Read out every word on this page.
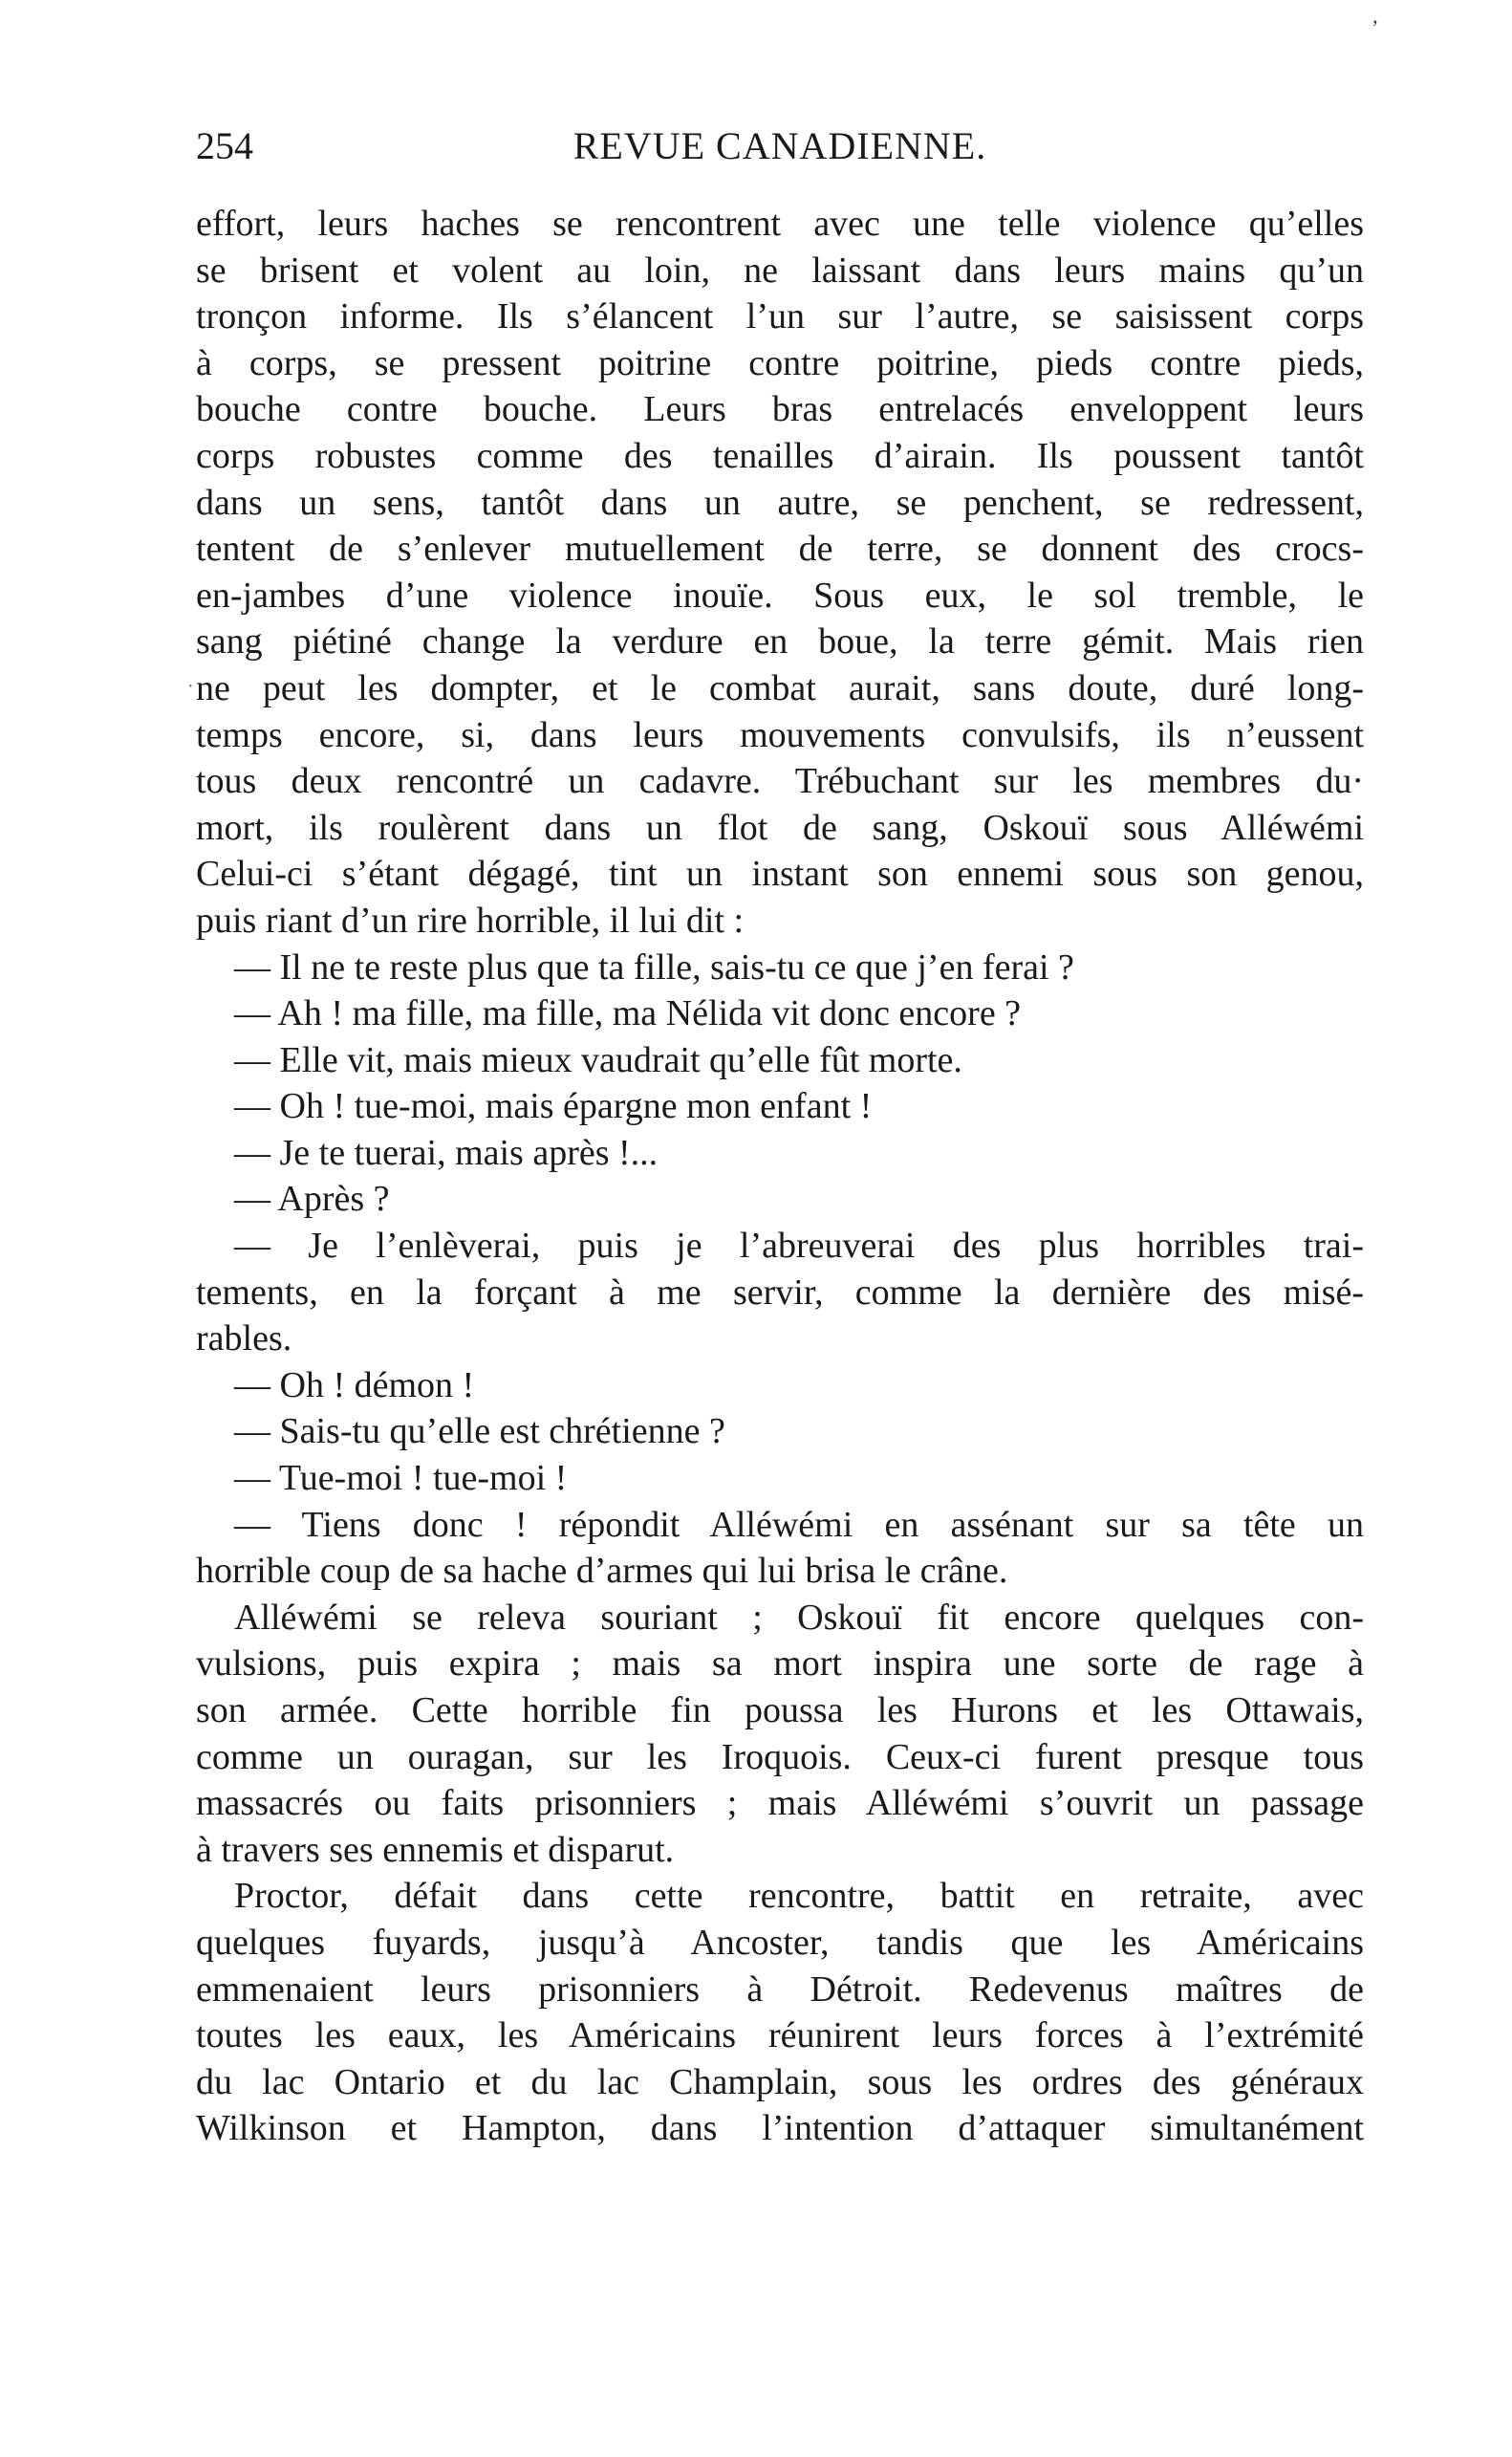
’
254	REVUE CANADIENNE.
·
effort, leurs haches se rencontrent avec une telle violence qu’elles
se brisent et volent au loin, ne laissant dans leurs mains qu’un
tronçon informe. Ils s’élancent l’un sur l’autre, se saisissent corps
à corps, se pressent poitrine contre poitrine, pieds contre pieds,
bouche contre bouche. Leurs bras entrelacés enveloppent leurs
corps robustes comme des tenailles d’airain. Ils poussent tantôt
dans un sens, tantôt dans un autre, se penchent, se redressent,
tentent de s’enlever mutuellement de terre, se donnent des crocs-
en-jambes d’une violence inouïe. Sous eux, le sol tremble, le
sang piétiné change la verdure en boue, la terre gémit. Mais rien
ne peut les dompter, et le combat aurait, sans doute, duré long-
temps encore, si, dans leurs mouvements convulsifs, ils n’eussent
tous deux rencontré un cadavre. Trébuchant sur les membres du·
mort, ils roulèrent dans un flot de sang, Oskouï sous Alléwémi
Celui-ci s’étant dégagé, tint un instant son ennemi sous son genou,
puis riant d’un rire horrible, il lui dit :
— Il ne te reste plus que ta fille, sais-tu ce que j’en ferai ?
— Ah ! ma fille, ma fille, ma Nélida vit donc encore ?
— Elle vit, mais mieux vaudrait qu’elle fût morte.
— Oh ! tue-moi, mais épargne mon enfant !
— Je te tuerai, mais après !...
— Après ?
— Je l’enlèverai, puis je l’abreuverai des plus horribles trai-
tements, en la forçant à me servir, comme la dernière des misé-
rables.
— Oh ! démon !
— Sais-tu qu’elle est chrétienne ?
— Tue-moi ! tue-moi !
— Tiens donc ! répondit Alléwémi en assénant sur sa tête un
horrible coup de sa hache d’armes qui lui brisa le crâne.
Alléwémi se releva souriant ; Oskouï fit encore quelques con-
vulsions, puis expira ; mais sa mort inspira une sorte de rage à
son armée. Cette horrible fin poussa les Hurons et les Ottawais,
comme un ouragan, sur les Iroquois. Ceux-ci furent presque tous
massacrés ou faits prisonniers ; mais Alléwémi s’ouvrit un passage
à travers ses ennemis et disparut.
Proctor, défait dans cette rencontre, battit en retraite, avec
quelques fuyards, jusqu’à Ancoster, tandis que les Américains
emmenaient leurs prisonniers à Détroit. Redevenus maîtres de
toutes les eaux, les Américains réunirent leurs forces à l’extrémité
du lac Ontario et du lac Champlain, sous les ordres des généraux
Wilkinson et Hampton, dans l’intention d’attaquer simultanément
